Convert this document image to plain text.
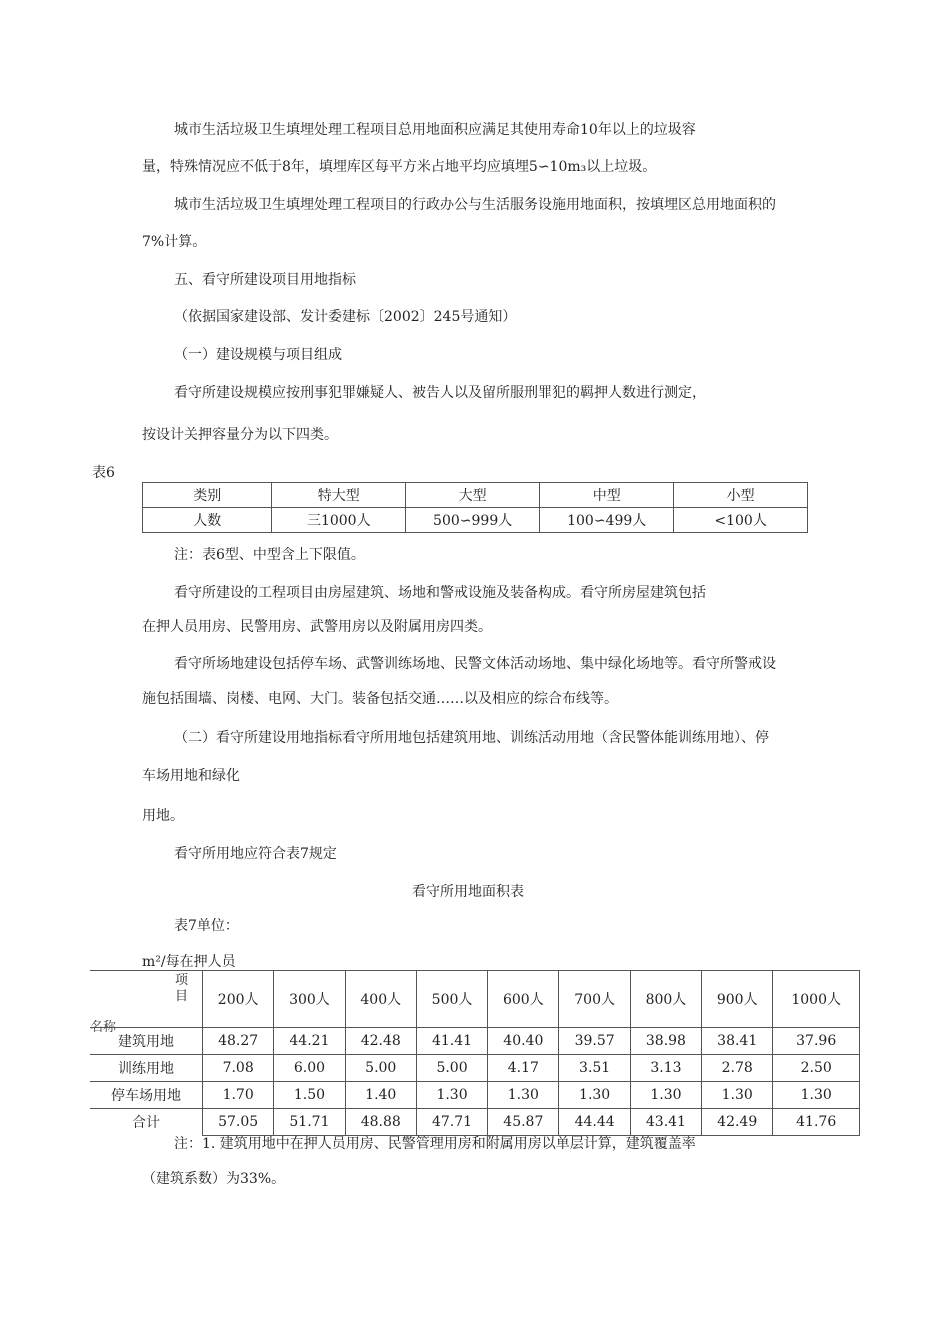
城市生活垃圾卫生填埋处理工程项目总用地面积应满足其使用寿命10年以上的垃圾容
量，特殊情况应不低于8年，填埋库区每平方米占地平均应填埋5∽10m₃以上垃圾。
城市生活垃圾卫生填埋处理工程项目的行政办公与生活服务设施用地面积，按填埋区总用地面积的
7%计算。
五、看守所建设项目用地指标
（依据国家建设部、发计委建标〔2002〕245号通知）
（一）建设规模与项目组成
看守所建设规模应按刑事犯罪嫌疑人、被告人以及留所服刑罪犯的羁押人数进行测定，
按设计关押容量分为以下四类。
表6
类别	特大型	大型	中型	小型
人数	三1000人	500∽999人	100∽499人	<100人
注：表6型、中型含上下限值。
看守所建设的工程项目由房屋建筑、场地和警戒设施及装备构成。看守所房屋建筑包括
在押人员用房、民警用房、武警用房以及附属用房四类。
看守所场地建设包括停车场、武警训练场地、民警文体活动场地、集中绿化场地等。看守所警戒设
施包括围墙、岗楼、电网、大门。装备包括交通……以及相应的综合布线等。
（二）看守所建设用地指标看守所用地包括建筑用地、训练活动用地（含民警体能训练用地）、停
车场用地和绿化
用地。
看守所用地应符合表7规定
看守所用地面积表
表7单位：
m²/每在押人员
项
目
名称	200人	300人	400人	500人	600人	700人	800人	900人	1000人
建筑用地	48.27	44.21	42.48	41.41	40.40	39.57	38.98	38.41	37.96
训练用地	7.08	6.00	5.00	5.00	4.17	3.51	3.13	2.78	2.50
停车场用地	1.70	1.50	1.40	1.30	1.30	1.30	1.30	1.30	1.30
合计	57.05	51.71	48.88	47.71	45.87	44.44	43.41	42.49	41.76
注：1. 建筑用地中在押人员用房、民警管理用房和附属用房以单层计算，建筑覆盖率
（建筑系数）为33%。
